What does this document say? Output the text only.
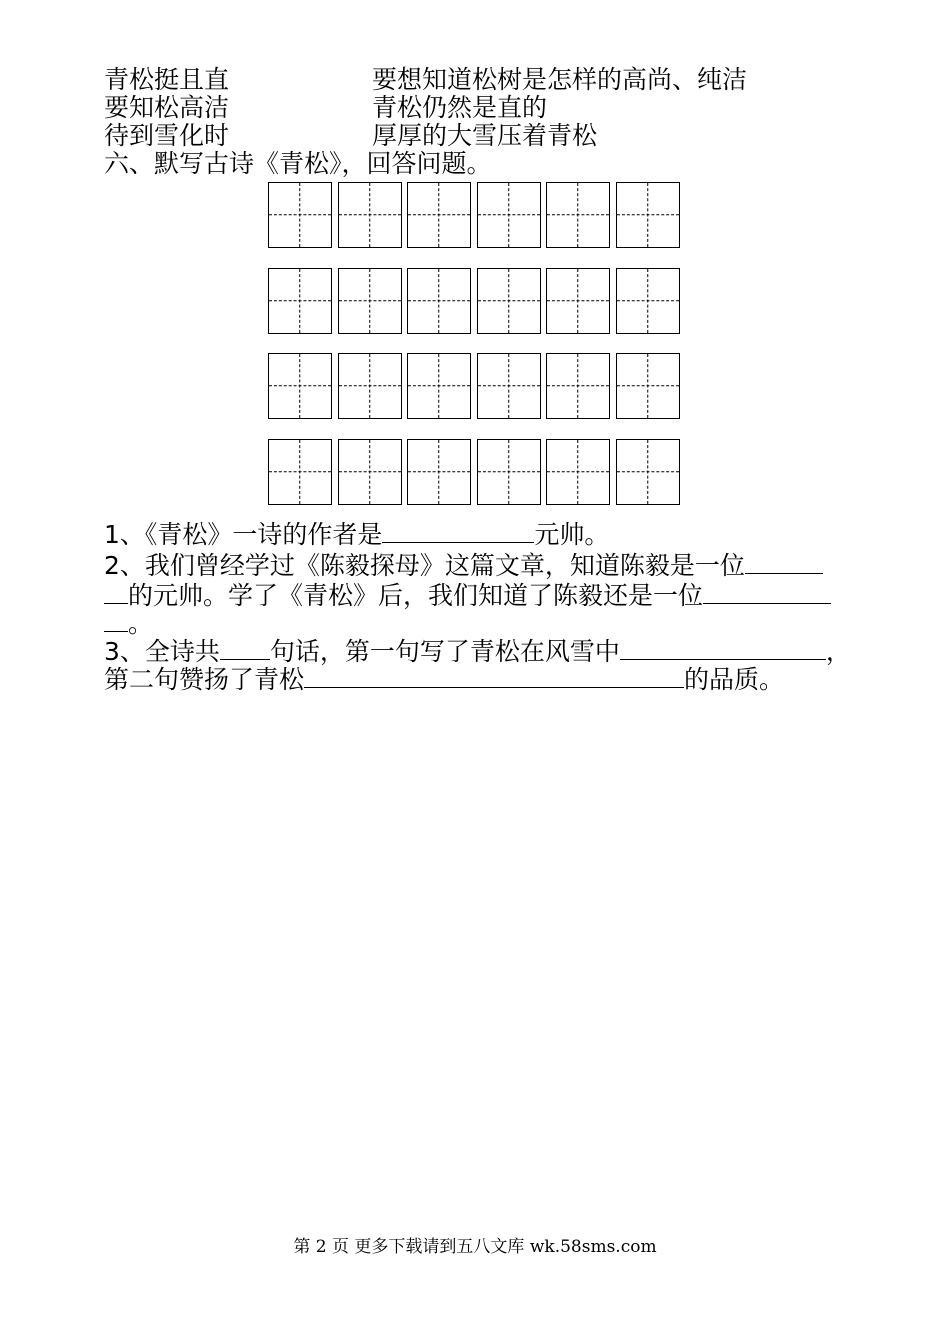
青松挺且直	要想知道松树是怎样的高尚、纯洁
要知松高洁	青松仍然是直的
待到雪化时	厚厚的大雪压着青松
六、默写古诗《青松》，回答问题。
1、《青松》一诗的作者是	元帅。
2、我们曾经学过《陈毅探母》这篇文章，知道陈毅是一位
的元帅。学了《青松》后，我们知道了陈毅还是一位
。
3、全诗共 句话，第一句写了青松在风雪中	，
第二句赞扬了青松	的品质。
第 2 页 更多下载请到五八文库 wk.58sms.com
